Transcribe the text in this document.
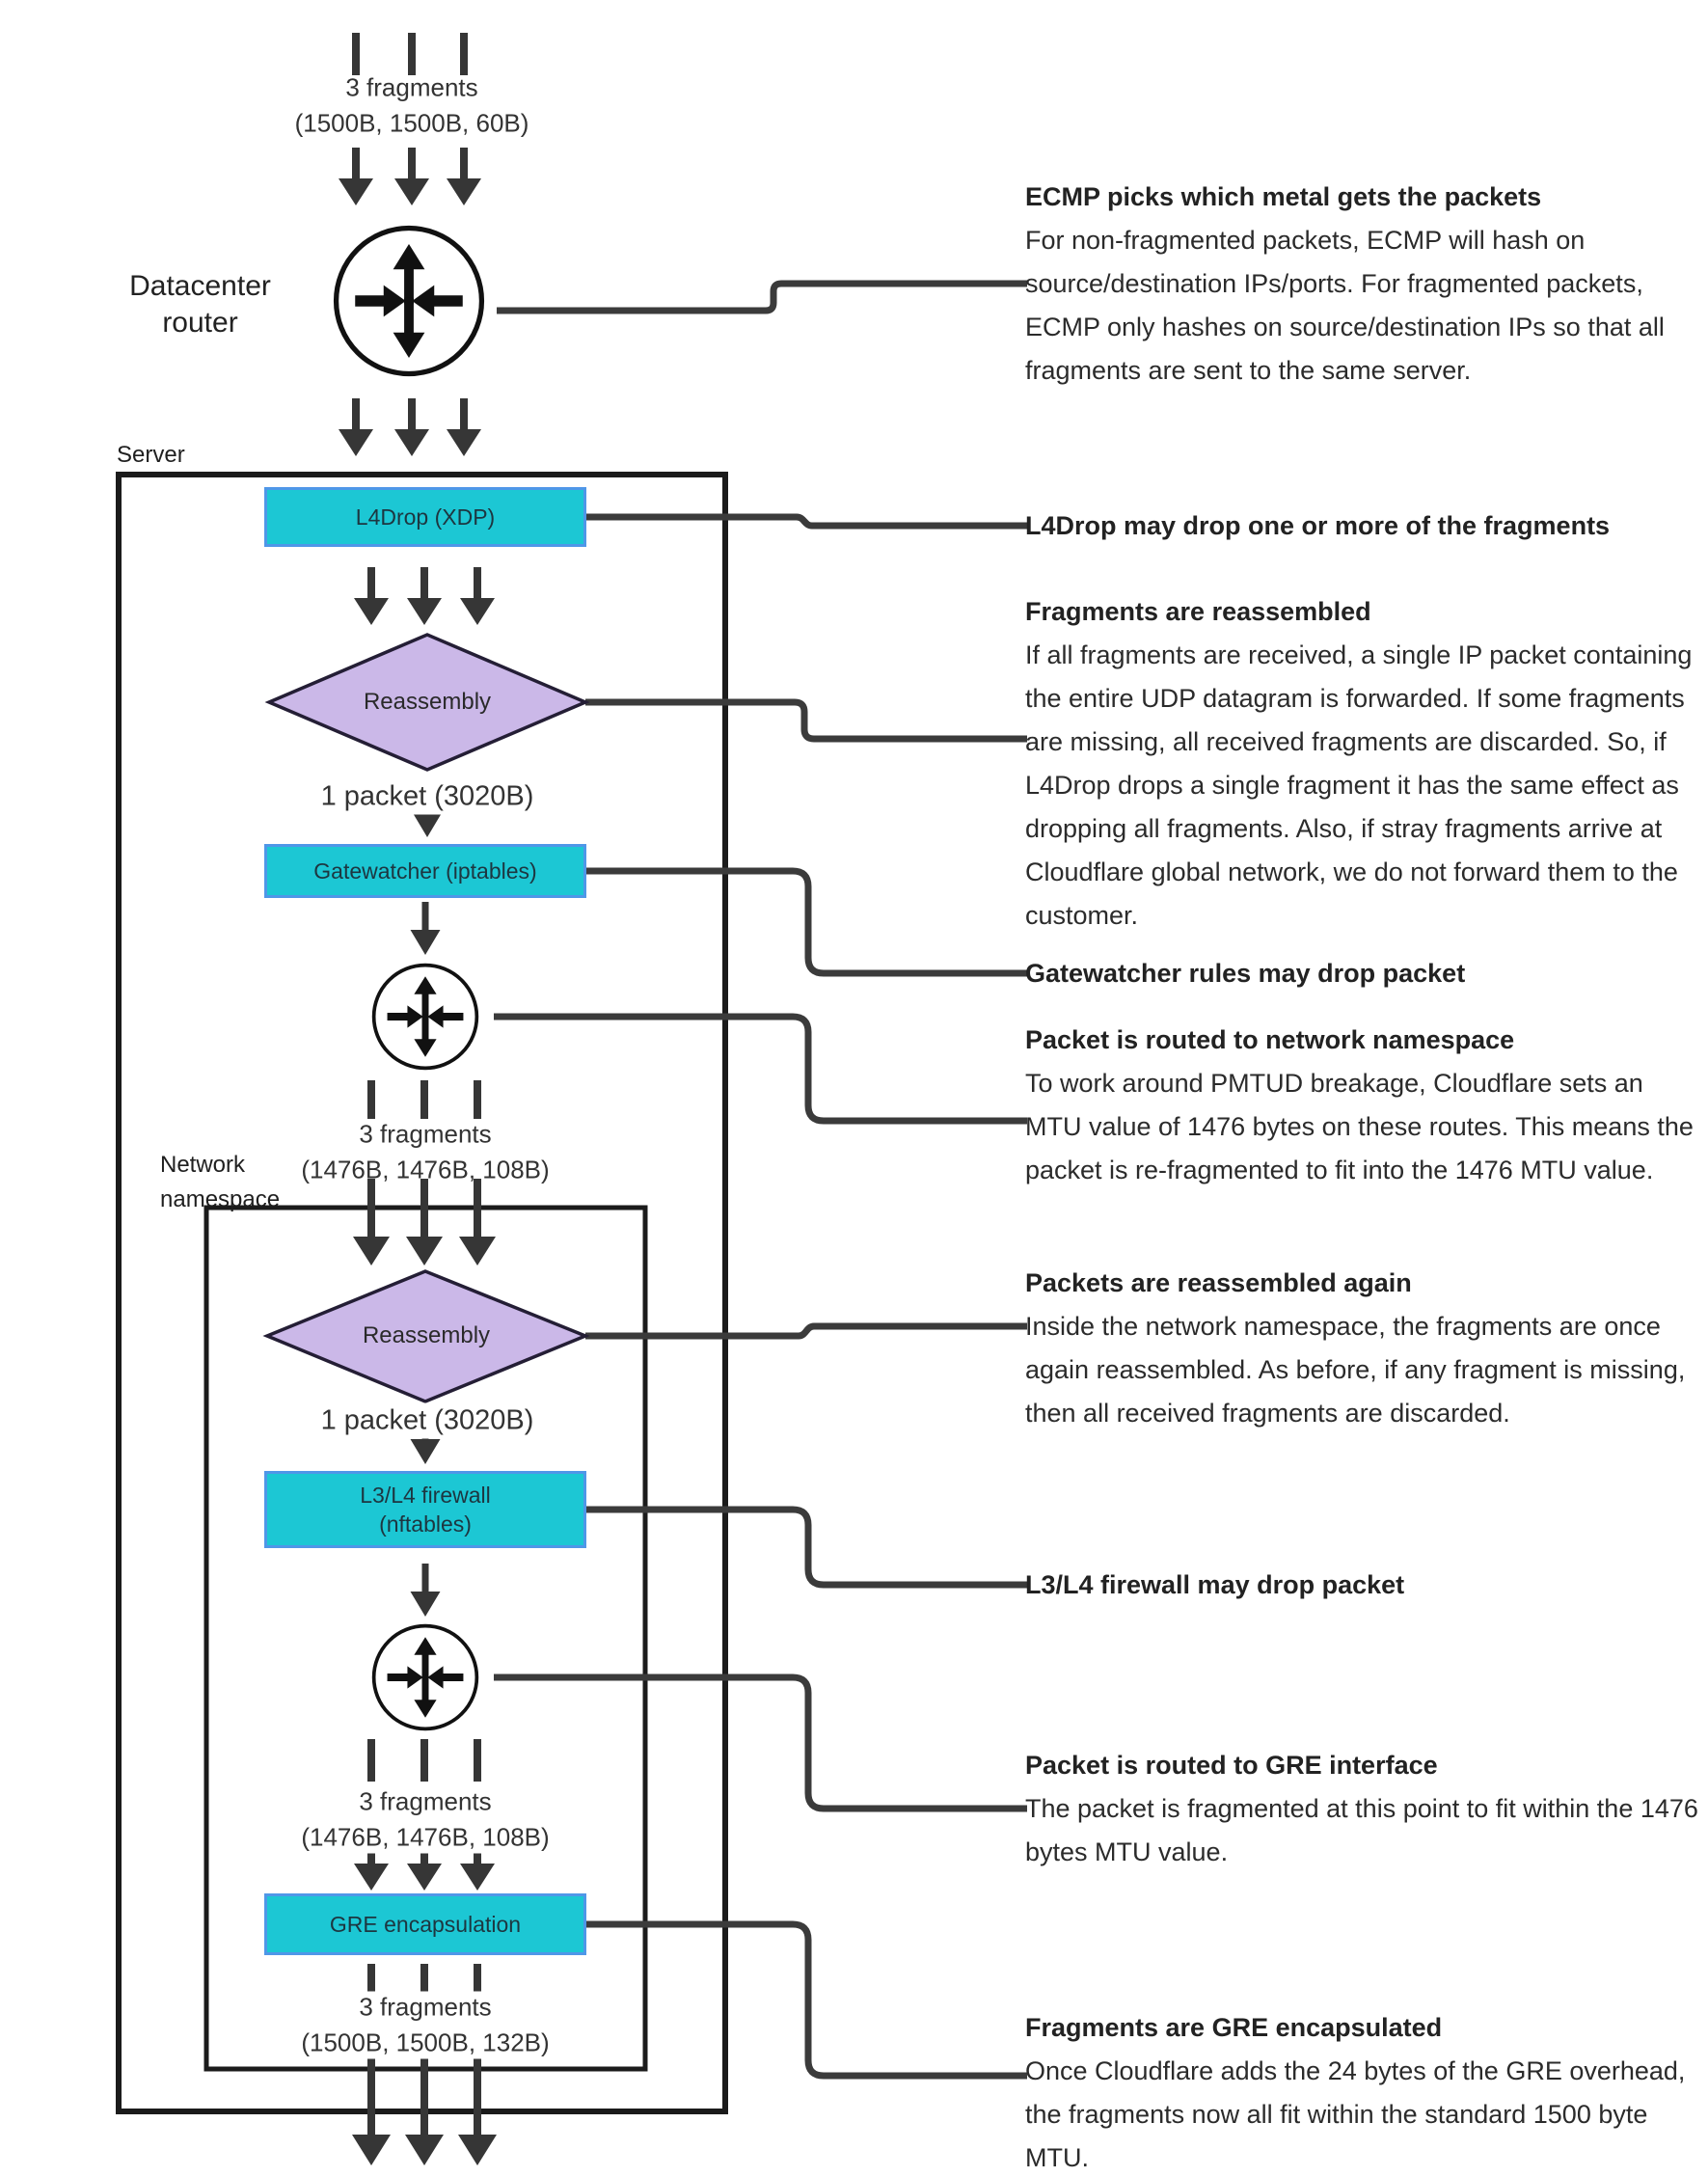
3 fragments
(1500B, 1500B, 60B)
Datacenter
router
Server
L4Drop (XDP)
Reassembly
1 packet (3020B)
Gatewatcher (iptables)
3 fragments
(1476B, 1476B, 108B)
Network
namespace
Reassembly
1 packet (3020B)
L3/L4 firewall
(nftables)
3 fragments
(1476B, 1476B, 108B)
GRE encapsulation
3 fragments
(1500B, 1500B, 132B)
ECMP picks which metal gets the packets
For non-fragmented packets, ECMP will hash on source/destination IPs/ports. For fragmented packets, ECMP only hashes on source/destination IPs so that all fragments are sent to the same server.
L4Drop may drop one or more of the fragments
Fragments are reassembled
If all fragments are received, a single IP packet containing the entire UDP datagram is forwarded. If some fragments are missing, all received fragments are discarded. So, if L4Drop drops a single fragment it has the same effect as dropping all fragments. Also, if stray fragments arrive at Cloudflare global network, we do not forward them to the customer.
Gatewatcher rules may drop packet
Packet is routed to network namespace
To work around PMTUD breakage, Cloudflare sets an MTU value of 1476 bytes on these routes. This means the packet is re-fragmented to fit into the 1476 MTU value.
Packets are reassembled again
Inside the network namespace, the fragments are once again reassembled. As before, if any fragment is missing, then all received fragments are discarded.
L3/L4 firewall may drop packet
Packet is routed to GRE interface
The packet is fragmented at this point to fit within the 1476 bytes MTU value.
Fragments are GRE encapsulated
Once Cloudflare adds the 24 bytes of the GRE overhead, the fragments now all fit within the standard 1500 byte MTU.
